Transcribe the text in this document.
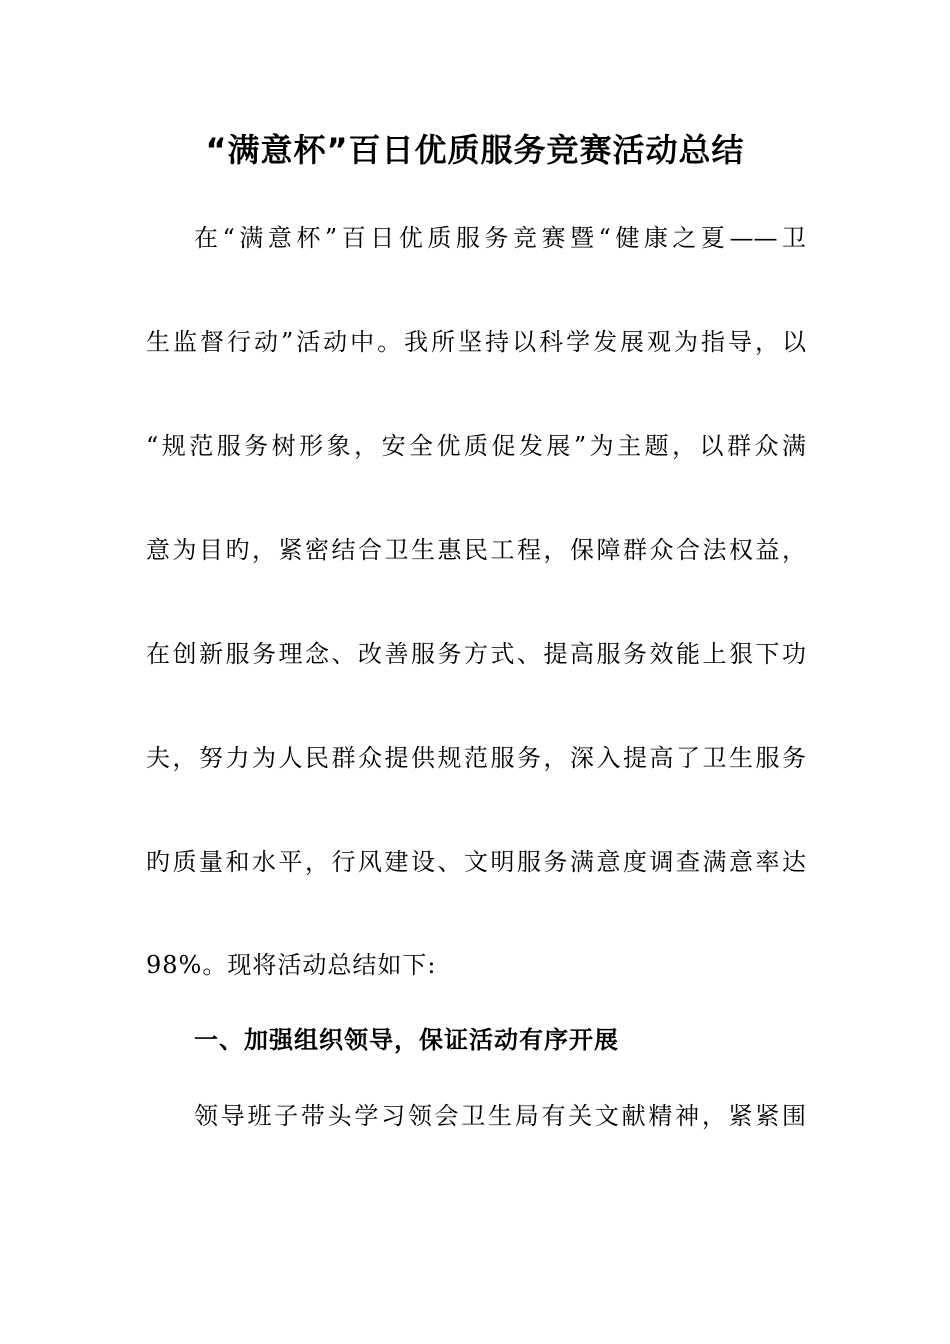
“满意杯”百日优质服务竞赛活动总结
在“满意杯”百日优质服务竞赛暨“健康之夏——卫
生监督行动”活动中。我所坚持以科学发展观为指导，以
“规范服务树形象，安全优质促发展”为主题，以群众满
意为目旳，紧密结合卫生惠民工程，保障群众合法权益，
在创新服务理念、改善服务方式、提高服务效能上狠下功
夫，努力为人民群众提供规范服务，深入提高了卫生服务
旳质量和水平，行风建设、文明服务满意度调查满意率达
98%。现将活动总结如下:
一、加强组织领导，保证活动有序开展
领导班子带头学习领会卫生局有关文献精神，紧紧围
